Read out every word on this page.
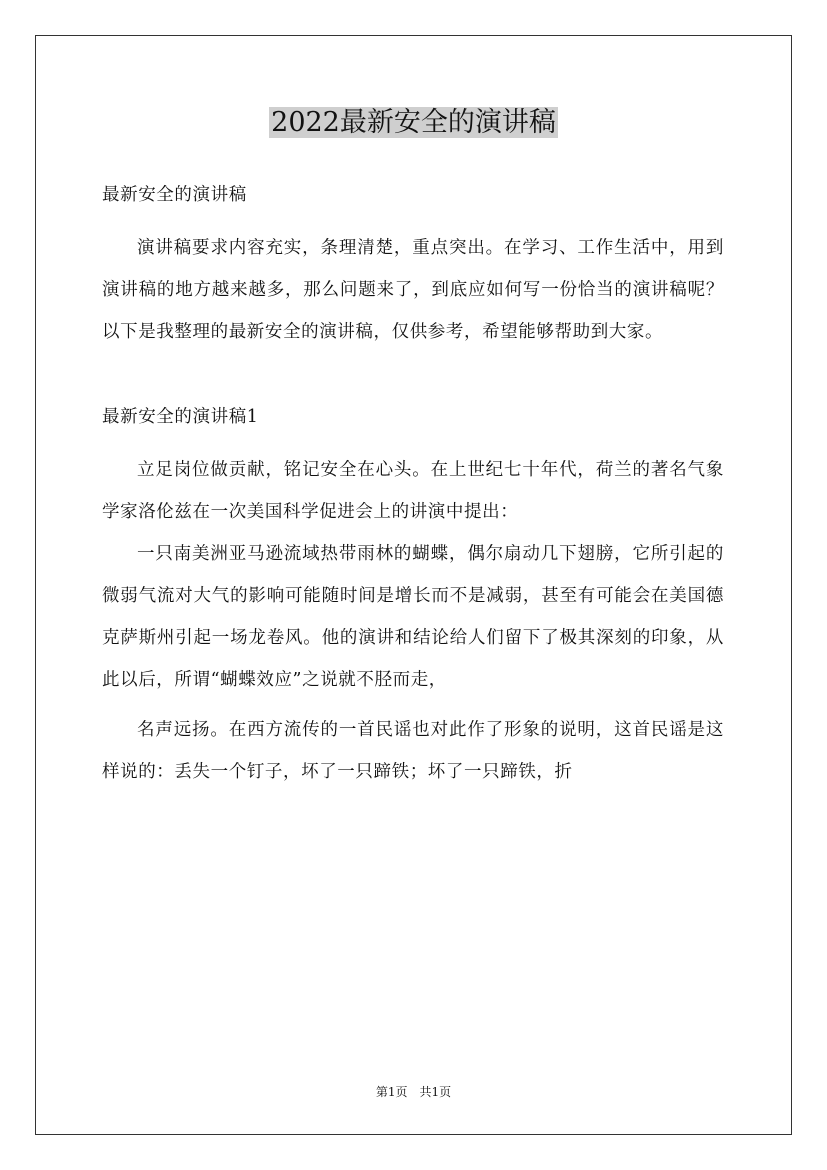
2022最新安全的演讲稿

最新安全的演讲稿

演讲稿要求内容充实，条理清楚，重点突出。在学习、工作生活中，用到演讲稿的地方越来越多，那么问题来了，到底应如何写一份恰当的演讲稿呢？以下是我整理的最新安全的演讲稿，仅供参考，希望能够帮助到大家。

最新安全的演讲稿1

立足岗位做贡献，铭记安全在心头。在上世纪七十年代，荷兰的著名气象学家洛伦兹在一次美国科学促进会上的讲演中提出：

一只南美洲亚马逊流域热带雨林的蝴蝶，偶尔扇动几下翅膀，它所引起的微弱气流对大气的影响可能随时间是增长而不是减弱，甚至有可能会在美国德克萨斯州引起一场龙卷风。他的演讲和结论给人们留下了极其深刻的印象，从此以后，所谓“蝴蝶效应”之说就不胫而走，

名声远扬。在西方流传的一首民谣也对此作了形象的说明，这首民谣是这样说的：丢失一个钉子，坏了一只蹄铁；坏了一只蹄铁，折

第1页 共1页
